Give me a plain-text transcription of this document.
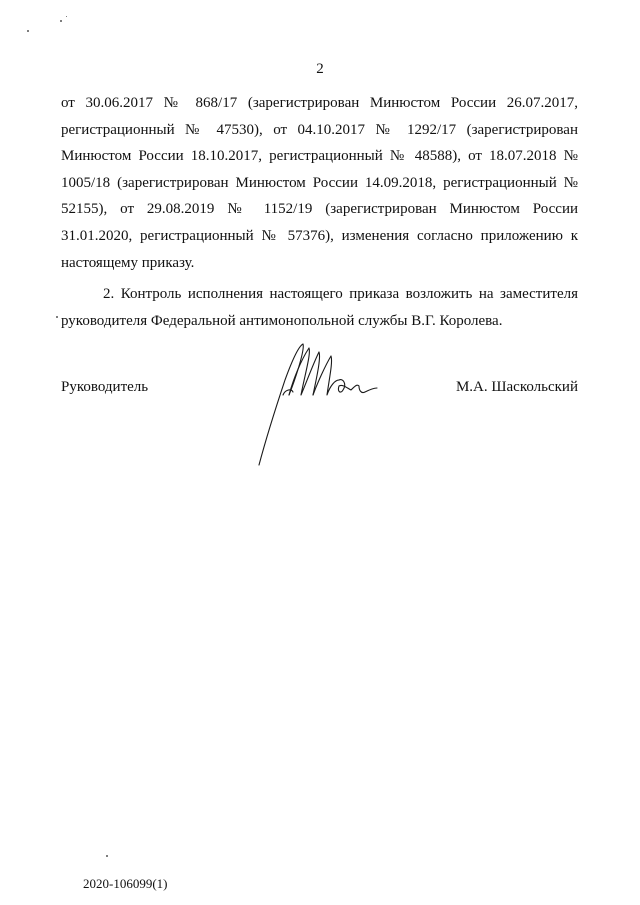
2

от 30.06.2017 № 868/17 (зарегистрирован Минюстом России 26.07.2017, регистрационный № 47530), от 04.10.2017 № 1292/17 (зарегистрирован Минюстом России 18.10.2017, регистрационный № 48588), от 18.07.2018 № 1005/18 (зарегистрирован Минюстом России 14.09.2018, регистрационный № 52155), от 29.08.2019 № 1152/19 (зарегистрирован Минюстом России 31.01.2020, регистрационный № 57376), изменения согласно приложению к настоящему приказу.

2. Контроль исполнения настоящего приказа возложить на заместителя руководителя Федеральной антимонопольной службы В.Г. Королева.

Руководитель	М.А. Шаскольский
2020-106099(1)
